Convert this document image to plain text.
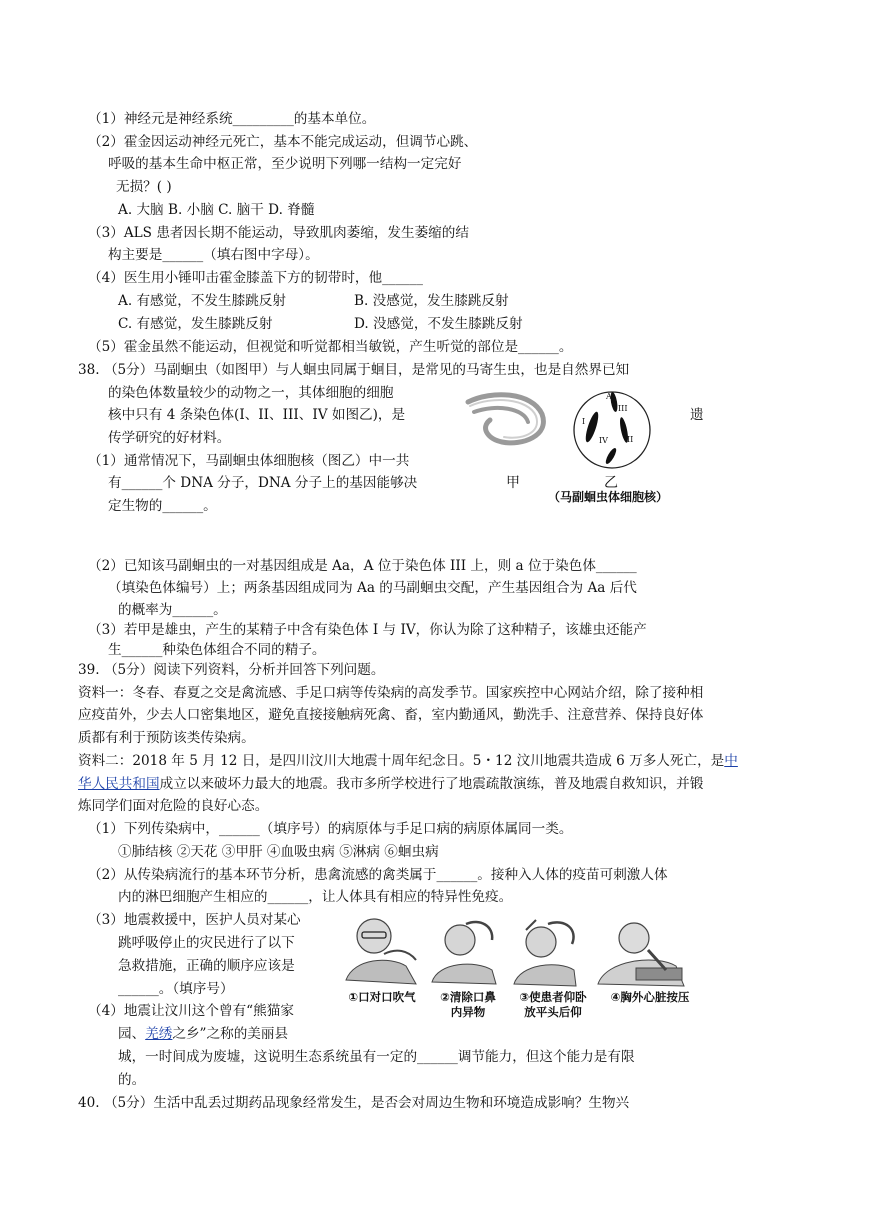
（1）神经元是神经系统_________的基本单位。
（2）霍金因运动神经元死亡，基本不能完成运动，但调节心跳、
呼吸的基本生命中枢正常，至少说明下列哪一结构一定完好
无损？( )
A. 大脑 B. 小脑 C. 脑干 D. 脊髓
（3）ALS 患者因长期不能运动，导致肌肉萎缩，发生萎缩的结
构主要是______（填右图中字母）。
（4）医生用小锤叩击霍金膝盖下方的韧带时，他______
A. 有感觉，不发生膝跳反射	B. 没感觉，发生膝跳反射
C. 有感觉，发生膝跳反射	D. 没感觉，不发生膝跳反射
（5）霍金虽然不能运动，但视觉和听觉都相当敏锐，产生听觉的部位是______。
38. （5分）马副蛔虫（如图甲）与人蛔虫同属于蛔目，是常见的马寄生虫，也是自然界已知
的染色体数量较少的动物之一，其体细胞的细胞
核中只有 4 条染色体(I、II、III、IV 如图乙)，是	遗
传学研究的好材料。
（1）通常情况下，马副蛔虫体细胞核（图乙）中一共
有______个 DNA 分子，DNA 分子上的基因能够决
定生物的______。
III
II
I
IV
A
甲	乙
（马副蛔虫体细胞核）
（2）已知该马副蛔虫的一对基因组成是 Aa，A 位于染色体 III 上，则 a 位于染色体______
（填染色体编号）上；两条基因组成同为 Aa 的马副蛔虫交配，产生基因组合为 Aa 后代
的概率为______。
（3）若甲是雄虫，产生的某精子中含有染色体 I 与 IV，你认为除了这种精子，该雄虫还能产
生______种染色体组合不同的精子。
39. （5分）阅读下列资料，分析并回答下列问题。
资料一：冬春、春夏之交是禽流感、手足口病等传染病的高发季节。国家疾控中心网站介绍，除了接种相
应疫苗外，少去人口密集地区，避免直接接触病死禽、畜，室内勤通风，勤洗手、注意营养、保持良好体
质都有利于预防该类传染病。
资料二：2018 年 5 月 12 日，是四川汶川大地震十周年纪念日。5・12 汶川地震共造成 6 万多人死亡，是中
华人民共和国成立以来破坏力最大的地震。我市多所学校进行了地震疏散演练，普及地震自救知识，并锻
炼同学们面对危险的良好心态。
（1）下列传染病中，______（填序号）的病原体与手足口病的病原体属同一类。
①肺结核 ②天花 ③甲肝 ④血吸虫病 ⑤淋病 ⑥蛔虫病
（2）从传染病流行的基本环节分析，患禽流感的禽类属于______。接种入人体的疫苗可刺激人体
内的淋巴细胞产生相应的______，让人体具有相应的特异性免疫。
（3）地震救援中，医护人员对某心
跳呼吸停止的灾民进行了以下
急救措施，正确的顺序应该是
______。（填序号）
（4）地震让汶川这个曾有“熊猫家
园、羌绣之乡”之称的美丽县
城，一时间成为废墟，这说明生态系统虽有一定的______调节能力，但这个能力是有限
的。
①口对口吹气	②清除口鼻
内异物
③使患者仰卧
放平头后仰
④胸外心脏按压
40. （5分）生活中乱丢过期药品现象经常发生，是否会对周边生物和环境造成影响？生物兴
